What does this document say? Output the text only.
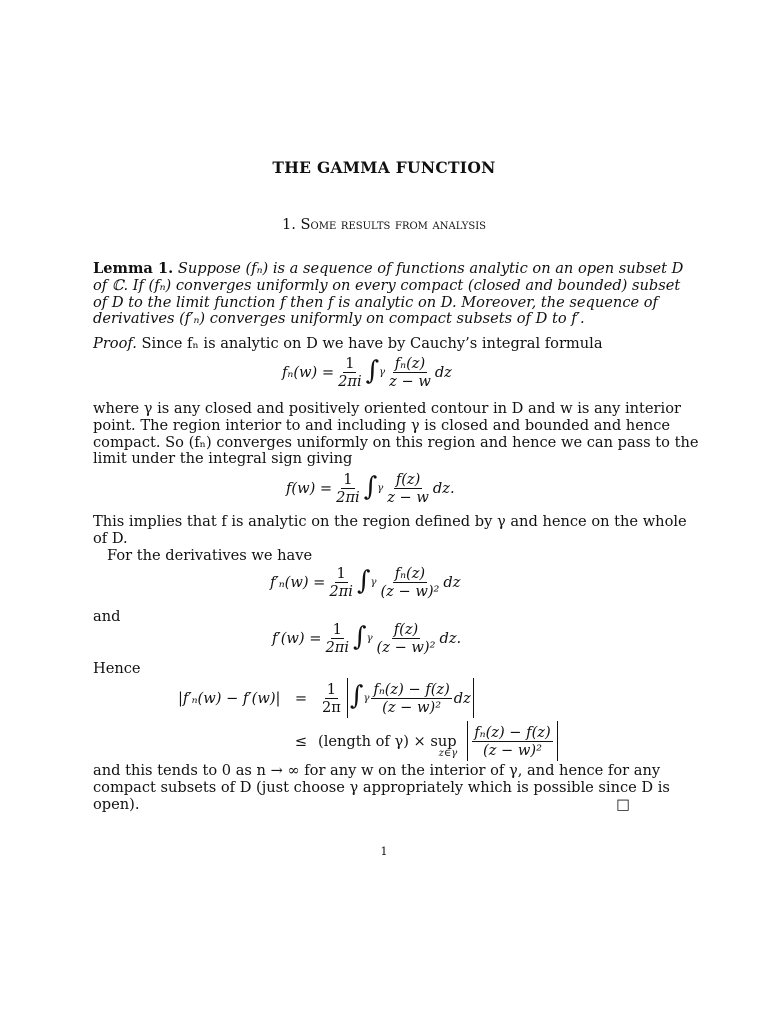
THE GAMMA FUNCTION
1. Some results from analysis
Lemma 1. Suppose (fₙ) is a sequence of functions analytic on an open subset D
of ℂ. If (fₙ) converges uniformly on every compact (closed and bounded) subset
of D to the limit function f then f is analytic on D. Moreover, the sequence of
derivatives (f′ₙ) converges uniformly on compact subsets of D to f′.
Proof. Since fₙ is analytic on D we have by Cauchy’s integral formula
$f_n(w) = \frac{1}{2\pi i}$ ∫ γ $\frac{\text{fₙ(z)}}{z - w}$ dz
where γ is any closed and positively oriented contour in D and w is any interior
point. The region interior to and including γ is closed and bounded and hence
compact. So (fₙ) converges uniformly on this region and hence we can pass to the
limit under the integral sign giving
$f(w) = \frac{1}{2\pi i}$ ∫ γ $\frac{f(z)}{z - w}$ dz.
This implies that f is analytic on the region defined by γ and hence on the whole
of D.
For the derivatives we have
$f'_n(w) = \frac{1}{2\pi i}$ ∫ γ $\frac{\text{fₙ(z)}}{\text{(z − w)²}}$ dz
and
$f'(w) = \frac{1}{2\pi i}$ ∫ γ $\frac{f(z)}{\text{(z − w)²}}$ dz.
Hence
$|f'_n(w) - f'(w)| = \frac{1}{2\pi}$ ∫ γ $\frac{\text{fₙ(z) − f(z)}}{\text{(z − w)²}}$ dz
≤ (length of γ) × sup
z∈γ $\frac{\text{fₙ(z) − f(z)}}{\text{(z − w)²}}$
and this tends to 0 as n → ∞ for any w on the interior of γ, and hence for any
compact subsets of D (just choose γ appropriately which is possible since D is
open).	□
1
